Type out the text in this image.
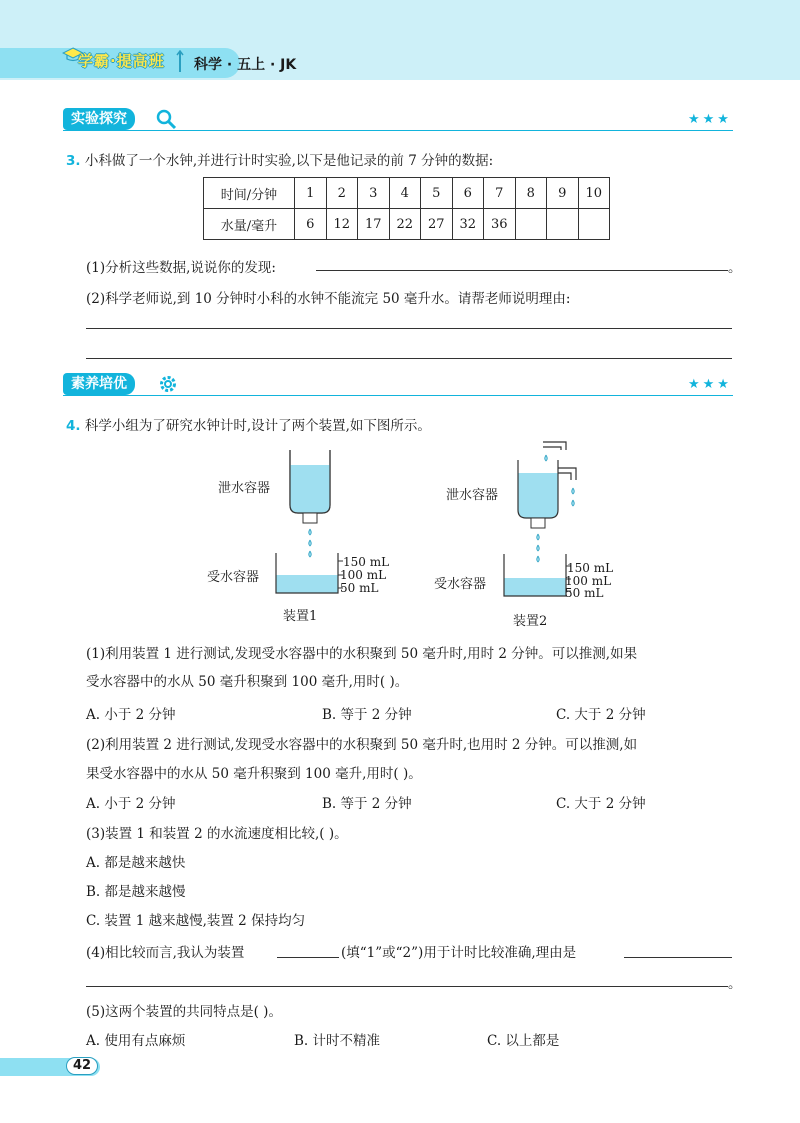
学霸·提高班 科学 · 五上 · JK
实验探究	★★★
3. 小科做了一个水钟,并进行计时实验,以下是他记录的前 7 分钟的数据:
时间/分钟	1	2	3	4	5	6	7	8	9	10
水量/毫升	6	12	17	22	27	32	36			
(1)分析这些数据,说说你的发现:	。
(2)科学老师说,到 10 分钟时小科的水钟不能流完 50 毫升水。请帮老师说明理由:
素养培优	★★★
4. 科学小组为了研究水钟计时,设计了两个装置,如下图所示。
泄水容器
受水容器
150 mL
100 mL
50 mL
装置1
泄水容器
受水容器
150 mL
100 mL
50 mL
装置2
(1)利用装置 1 进行测试,发现受水容器中的水积聚到 50 毫升时,用时 2 分钟。可以推测,如果
受水容器中的水从 50 毫升积聚到 100 毫升,用时( )。
A. 小于 2 分钟	B. 等于 2 分钟	C. 大于 2 分钟
(2)利用装置 2 进行测试,发现受水容器中的水积聚到 50 毫升时,也用时 2 分钟。可以推测,如
果受水容器中的水从 50 毫升积聚到 100 毫升,用时( )。
A. 小于 2 分钟	B. 等于 2 分钟	C. 大于 2 分钟
(3)装置 1 和装置 2 的水流速度相比较,( )。
A. 都是越来越快
B. 都是越来越慢
C. 装置 1 越来越慢,装置 2 保持均匀
(4)相比较而言,我认为装置	(填“1”或“2”)用于计时比较准确,理由是
。
(5)这两个装置的共同特点是( )。
A. 使用有点麻烦	B. 计时不精准	C. 以上都是
42
